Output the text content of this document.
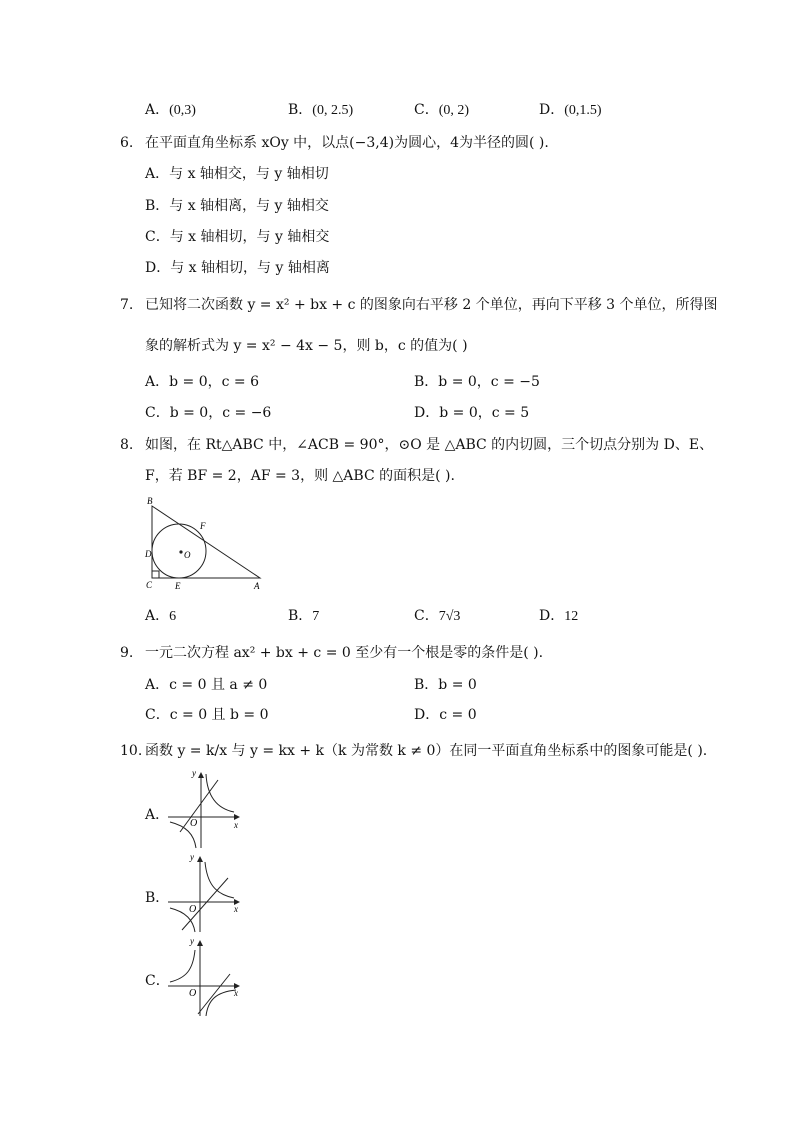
A．(0,3)	B．(0, 2.5)	C．(0, 2)	D．(0,1.5)
6. 在平面直角坐标系 xOy 中，以点(−3,4)为圆心，4为半径的圆( ).
A．与 x 轴相交，与 y 轴相切
B．与 x 轴相离，与 y 轴相交
C．与 x 轴相切，与 y 轴相交
D．与 x 轴相切，与 y 轴相离
7. 已知将二次函数 y = x² + bx + c 的图象向右平移 2 个单位，再向下平移 3 个单位，所得图
象的解析式为 y = x² − 4x − 5，则 b，c 的值为( )
A．b = 0，c = 6	B．b = 0，c = −5
C．b = 0，c = −6	D．b = 0，c = 5
8. 如图，在 Rt△ABC 中，∠ACB = 90°，⊙O 是 △ABC 的内切圆，三个切点分别为 D、E、
F，若 BF = 2，AF = 3，则 △ABC 的面积是( ).
B
F
D	O
C	E	A
A．6	B．7	C．7√3	D．12
9. 一元二次方程 ax² + bx + c = 0 至少有一个根是零的条件是( ).
A．c = 0 且 a ≠ 0	B．b = 0
C．c = 0 且 b = 0	D．c = 0
10. 函数 y = k/x 与 y = kx + k（k 为常数 k ≠ 0）在同一平面直角坐标系中的图象可能是( ).
A．
y
x
O
B．
y
x
O
C．
y
x
O
